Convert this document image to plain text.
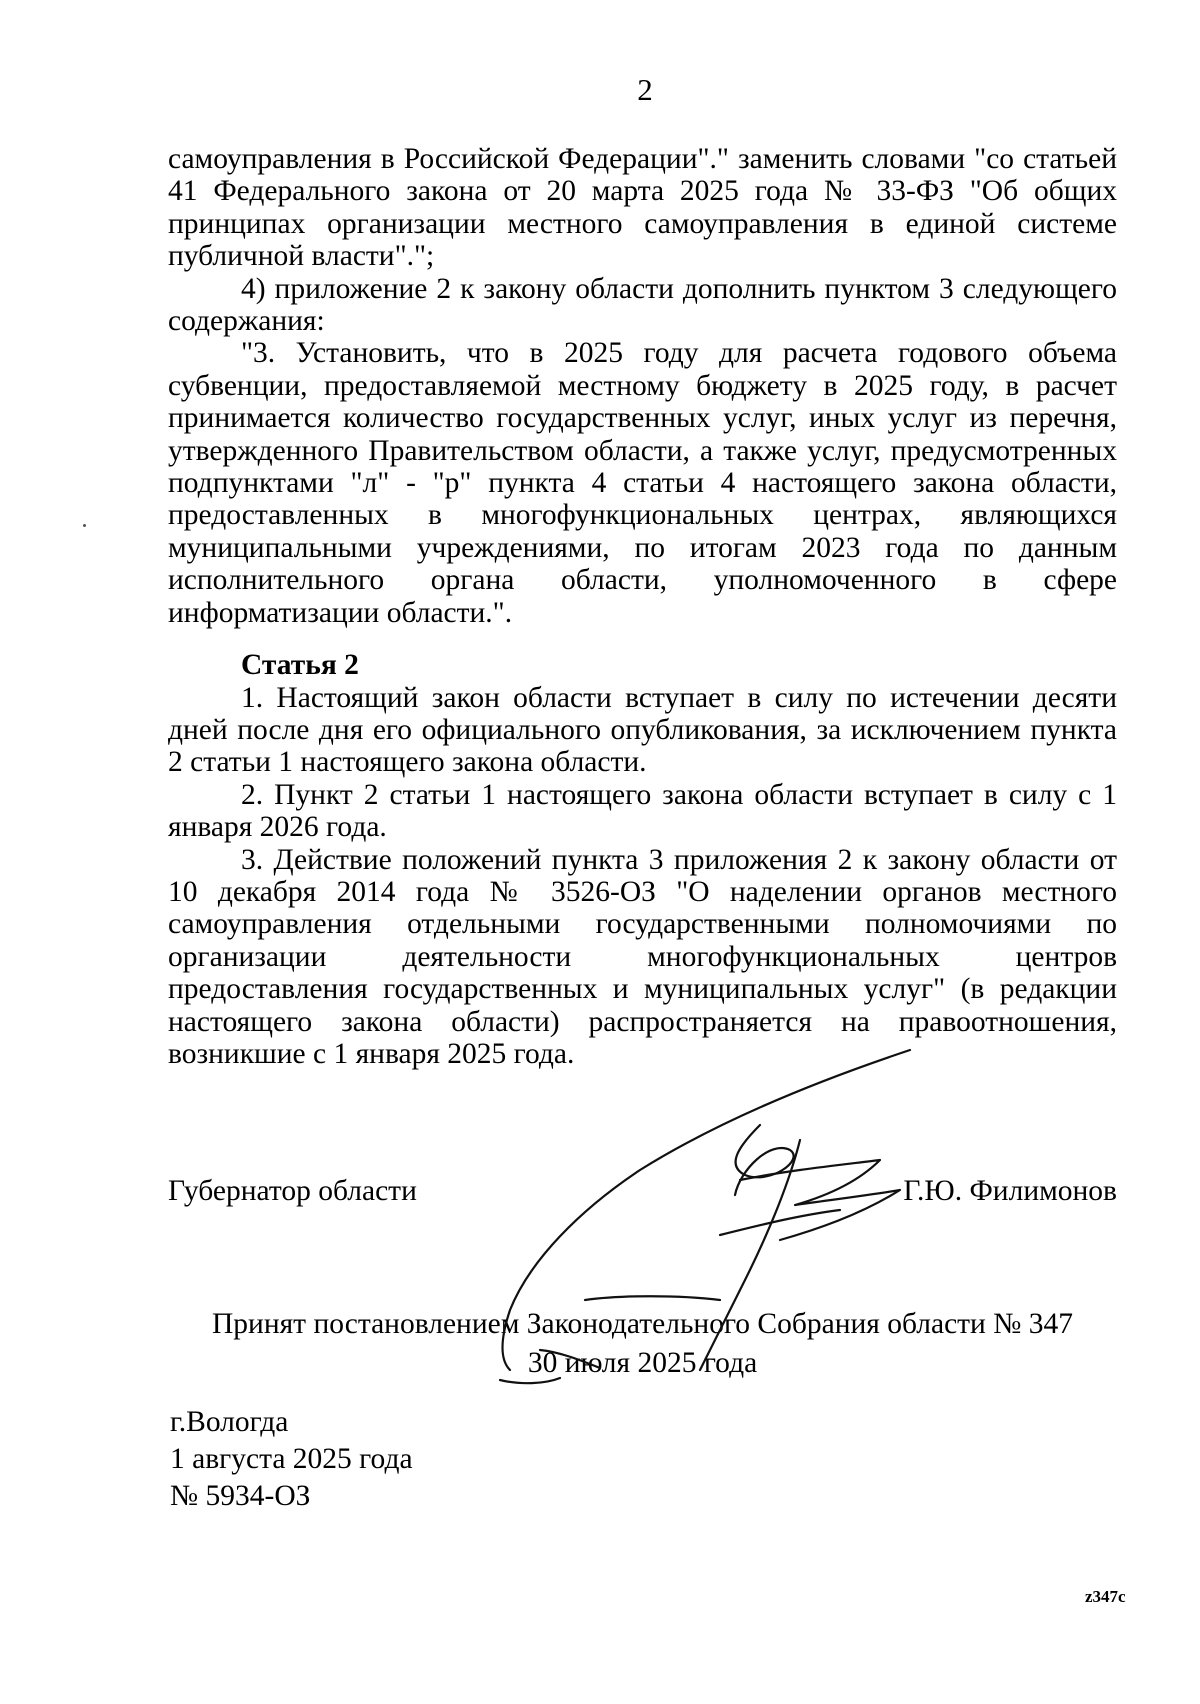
2

самоуправления в Российской Федерации"." заменить словами "со статьей 41 Федерального закона от 20 марта 2025 года № 33-ФЗ "Об общих принципах организации местного самоуправления в единой системе публичной власти".";

4) приложение 2 к закону области дополнить пунктом 3 следующего содержания:

"3. Установить, что в 2025 году для расчета годового объема субвенции, предоставляемой местному бюджету в 2025 году, в расчет принимается количество государственных услуг, иных услуг из перечня, утвержденного Правительством области, а также услуг, предусмотренных подпунктами "л" - "р" пункта 4 статьи 4 настоящего закона области, предоставленных в многофункциональных центрах, являющихся муниципальными учреждениями, по итогам 2023 года по данным исполнительного органа области, уполномоченного в сфере информатизации области.".

Статья 2

1. Настоящий закон области вступает в силу по истечении десяти дней после дня его официального опубликования, за исключением пункта 2 статьи 1 настоящего закона области.

2. Пункт 2 статьи 1 настоящего закона области вступает в силу с 1 января 2026 года.

3. Действие положений пункта 3 приложения 2 к закону области от 10 декабря 2014 года № 3526-ОЗ "О наделении органов местного самоуправления отдельными государственными полномочиями по организации деятельности многофункциональных центров предоставления государственных и муниципальных услуг" (в редакции настоящего закона области) распространяется на правоотношения, возникшие с 1 января 2025 года.

Губернатор области	Г.Ю. Филимонов
Принят постановлением Законодательного Собрания области № 347
30 июля 2025 года
г.Вологда
1 августа 2025 года
№ 5934-ОЗ
z347c
